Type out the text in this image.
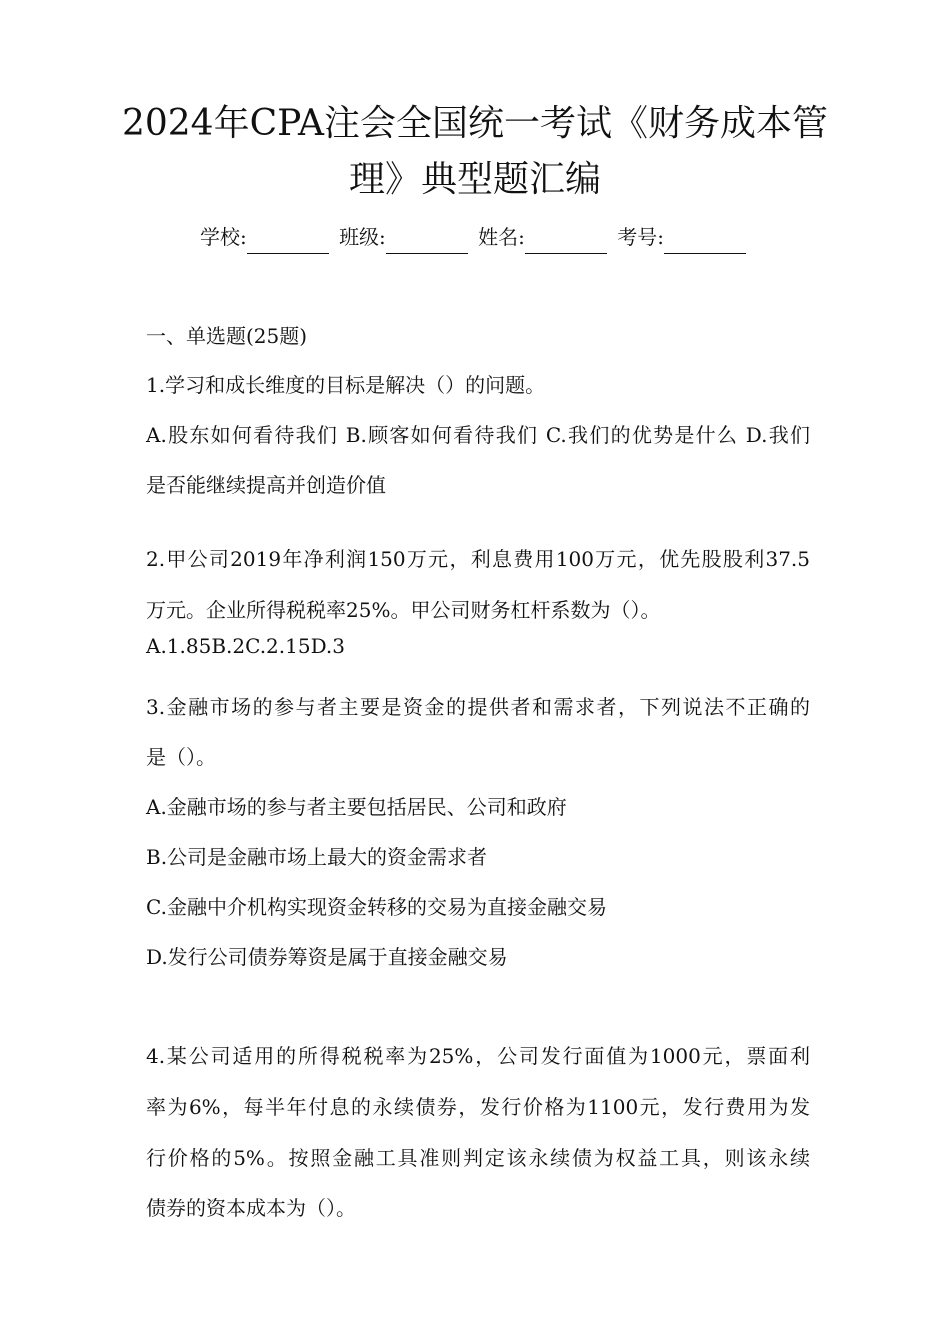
2024年CPA注会全国统一考试《财务成本管
理》典型题汇编
学校:	班级:	姓名:	考号:
一、单选题(25题)
1.学习和成长维度的目标是解决（）的问题。
A.股东如何看待我们 B.顾客如何看待我们 C.我们的优势是什么 D.我们
是否能继续提高并创造价值
2.甲公司2019年净利润150万元，利息费用100万元，优先股股利37.5
万元。企业所得税税率25%。甲公司财务杠杆系数为（）。
A.1.85B.2C.2.15D.3
3.金融市场的参与者主要是资金的提供者和需求者，下列说法不正确的
是（）。
A.金融市场的参与者主要包括居民、公司和政府
B.公司是金融市场上最大的资金需求者
C.金融中介机构实现资金转移的交易为直接金融交易
D.发行公司债券筹资是属于直接金融交易
4.某公司适用的所得税税率为25%，公司发行面值为1000元，票面利
率为6%，每半年付息的永续债券，发行价格为1100元，发行费用为发
行价格的5%。按照金融工具准则判定该永续债为权益工具，则该永续
债券的资本成本为（）。
